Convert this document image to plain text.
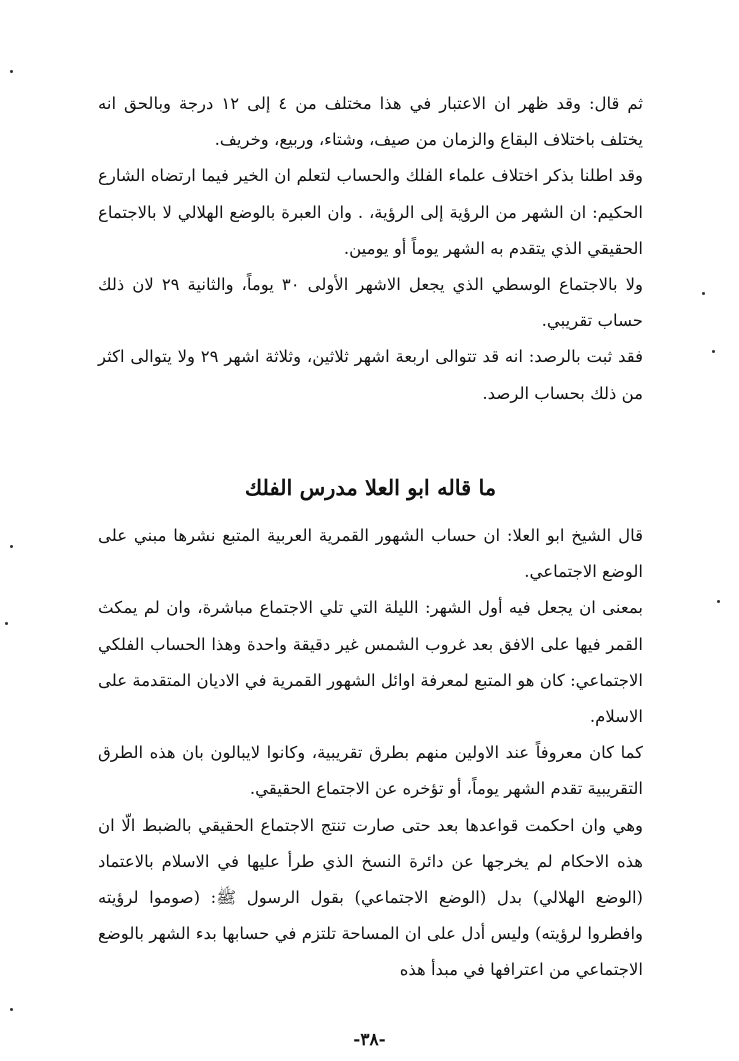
ثم قال: وقد ظهر ان الاعتبار في هذا مختلف من ٤ إلى ١٢ درجة وبالحق انه يختلف باختلاف البقاع والزمان من صيف، وشتاء، وربيع، وخريف.

وقد اطلنا بذكر اختلاف علماء الفلك والحساب لتعلم ان الخير فيما ارتضاه الشارع الحكيم: ان الشهر من الرؤية إلى الرؤية، . وان العبرة بالوضع الهلالي لا بالاجتماع الحقيقي الذي يتقدم به الشهر يوماً أو يومين.

ولا بالاجتماع الوسطي الذي يجعل الاشهر الأولى ٣٠ يوماً، والثانية ٢٩ لان ذلك حساب تقريبي.

فقد ثبت بالرصد: انه قد تتوالى اربعة اشهر ثلاثين، وثلاثة اشهر ٢٩ ولا يتوالى اكثر من ذلك بحساب الرصد.

ما قاله ابو العلا مدرس الفلك

قال الشيخ ابو العلا: ان حساب الشهور القمرية العربية المتبع نشرها مبني على الوضع الاجتماعي.

بمعنى ان يجعل فيه أول الشهر: الليلة التي تلي الاجتماع مباشرة، وان لم يمكث القمر فيها على الافق بعد غروب الشمس غير دقيقة واحدة وهذا الحساب الفلكي الاجتماعي: كان هو المتبع لمعرفة اوائل الشهور القمرية في الاديان المتقدمة على الاسلام.

كما كان معروفاً عند الاولين منهم بطرق تقريبية، وكانوا لايبالون بان هذه الطرق التقريبية تقدم الشهر يوماً، أو تؤخره عن الاجتماع الحقيقي.

وهي وان احكمت قواعدها بعد حتى صارت تنتج الاجتماع الحقيقي بالضبط الّا ان هذه الاحكام لم يخرجها عن دائرة النسخ الذي طرأ عليها في الاسلام بالاعتماد (الوضع الهلالي) بدل (الوضع الاجتماعي) بقول الرسول ﷺ: (صوموا لرؤيته وافطروا لرؤيته) وليس أدل على ان المساحة تلتزم في حسابها بدء الشهر بالوضع الاجتماعي من اعترافها في مبدأ هذه

-٣٨-
